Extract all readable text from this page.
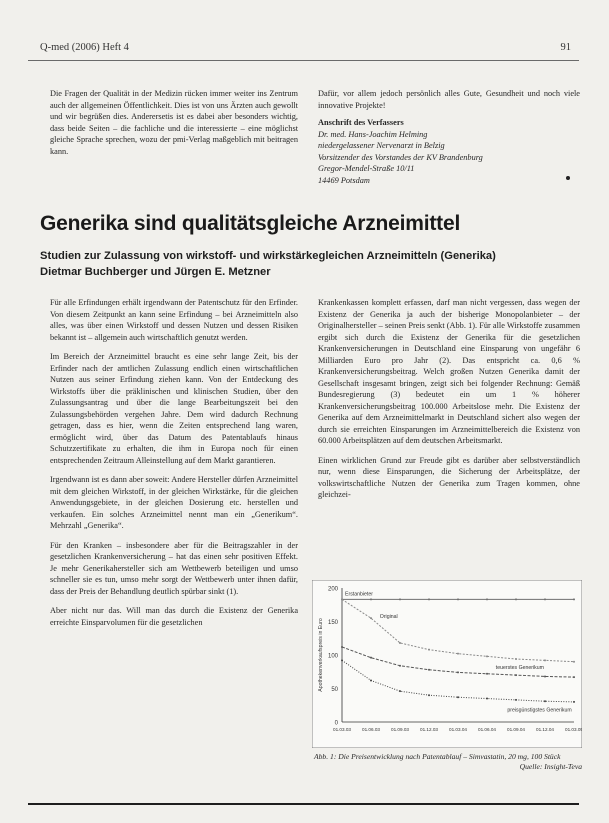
Q-med (2006) Heft 4	91

Die Fragen der Qualität in der Medizin rücken immer weiter ins Zentrum auch der allgemeinen Öffentlichkeit. Dies ist von uns Ärzten auch gewollt und wir begrüßen dies. Anderersetis ist es dabei aber besonders wichtig, dass beide Seiten – die fachliche und die interessierte – eine möglichst gleiche Sprache sprechen, wozu der pmi-Verlag maßgeblich mit beitragen kann.

Dafür, vor allem jedoch persönlich alles Gute, Gesundheit und noch viele innovative Projekte!

Anschrift des Verfassers

Dr. med. Hans-Joachim Helming
niedergelassener Nervenarzt in Belzig
Vorsitzender des Vorstandes der KV Brandenburg
Gregor-Mendel-Straße 10/11
14469 Potsdam
Generika sind qualitätsgleiche Arzneimittel
Studien zur Zulassung von wirkstoff- und wirkstärkegleichen Arzneimitteln (Generika)
Dietmar Buchberger und Jürgen E. Metzner

Für alle Erfindungen erhält irgendwann der Patentschutz für den Erfinder. Von diesem Zeitpunkt an kann seine Erfindung – bei Arzneimitteln also alles, was über einen Wirkstoff und dessen Nutzen und dessen Risiken bekannt ist – allgemein auch wirtschaftlich genutzt werden.

Im Bereich der Arzneimittel braucht es eine sehr lange Zeit, bis der Erfinder nach der amtlichen Zulassung endlich einen wirtschaftlichen Nutzen aus seiner Erfindung ziehen kann. Von der Entdeckung des Wirkstoffs über die präklinischen und klinischen Studien, über den Zulassungsantrag und über die lange Bearbeitungszeit bei den Zulassungsbehörden vergehen Jahre. Dem wird dadurch Rechnung getragen, dass es hier, wenn die Zeiten entsprechend lang waren, ermöglicht wird, über das Datum des Patentablaufs hinaus Schutzzertifikate zu erhalten, die ihm in Europa noch für einen entsprechenden Zeitraum Alleinstellung auf dem Markt garantieren.

Irgendwann ist es dann aber soweit: Andere Hersteller dürfen Arzneimittel mit dem gleichen Wirkstoff, in der gleichen Wirkstärke, für die gleichen Anwendungsgebiete, in der gleichen Dosierung etc. herstellen und verkaufen. Ein solches Arzneimittel nennt man ein „Generikum“. Mehrzahl „Generika“.

Für den Kranken – insbesondere aber für die Beitragszahler in der gesetzlichen Krankenversicherung – hat das einen sehr positiven Effekt. Je mehr Generikahersteller sich am Wettbewerb beteiligen und umso schneller sie es tun, umso mehr sorgt der Wettbewerb unter ihnen dafür, dass der Preis der Behandlung deutlich spürbar sinkt (1).

Aber nicht nur das. Will man das durch die Existenz der Generika erreichte Einsparvolumen für die gesetzlichen

Krankenkassen komplett erfassen, darf man nicht vergessen, dass wegen der Existenz der Generika ja auch der bisherige Monopolanbieter – der Originalhersteller – seinen Preis senkt (Abb. 1). Für alle Wirkstoffe zusammen ergibt sich durch die Existenz der Generika für die gesetzlichen Krankenversicherungen in Deutschland eine Einsparung von ungefähr 6 Milliarden Euro pro Jahr (2). Das entspricht ca. 0,6 % Krankenversicherungsbeitrag. Welch großen Nutzen Generika damit der Gesellschaft insgesamt bringen, zeigt sich bei folgender Rechnung: Gemäß Bundesregierung (3) bedeutet ein um 1 % höherer Krankenversicherungsbeitrag 100.000 Arbeitslose mehr. Die Existenz der Generika auf dem Arzneimittelmarkt in Deutschland sichert also wegen der durch sie erreichten Einsparungen im Arzneimittelbereich die Existenz von 60.000 Arbeitsplätzen auf dem deutschen Arbeitsmarkt.

Einen wirklichen Grund zur Freude gibt es darüber aber selbstverständlich nur, wenn diese Einsparungen, die Sicherung der Arbeitsplätze, der volkswirtschaftliche Nutzen der Generika zum Tragen kommen, ohne gleichzei-

0
50
100
150
200
01.03.03 01.06.03 01.09.03 01.12.03 01.03.04 01.06.04 01.09.04 01.12.04 01.03.05
Apothekenverkaufspreis in Euro
Erstanbieter
Original
teuerstes Generikum
preisgünstigstes Generikum
Abb. 1: Die Preisentwicklung nach Patentablauf – Simvastatin, 20 mg, 100 Stück
Quelle: Insight-Teva
